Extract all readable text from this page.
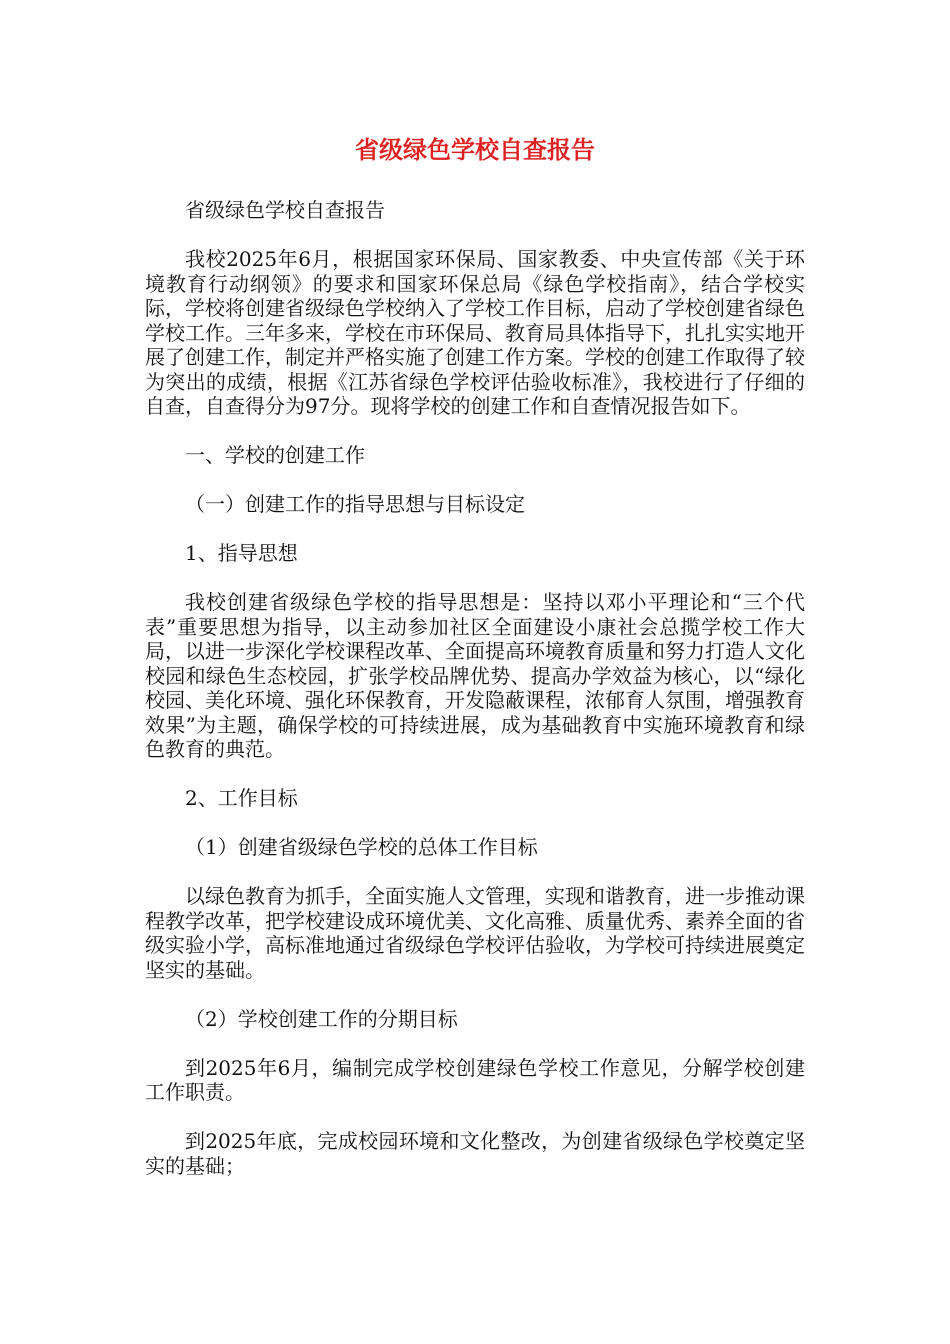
省级绿色学校自查报告

省级绿色学校自查报告

我校2025年6月，根据国家环保局、国家教委、中央宣传部《关于环境教育行动纲领》的要求和国家环保总局《绿色学校指南》，结合学校实际，学校将创建省级绿色学校纳入了学校工作目标，启动了学校创建省绿色学校工作。三年多来，学校在市环保局、教育局具体指导下，扎扎实实地开展了创建工作，制定并严格实施了创建工作方案。学校的创建工作取得了较为突出的成绩，根据《江苏省绿色学校评估验收标准》，我校进行了仔细的自查，自查得分为97分。现将学校的创建工作和自查情况报告如下。

一、学校的创建工作

（一）创建工作的指导思想与目标设定

1、指导思想

我校创建省级绿色学校的指导思想是：坚持以邓小平理论和“三个代表”重要思想为指导，以主动参加社区全面建设小康社会总揽学校工作大局，以进一步深化学校课程改革、全面提高环境教育质量和努力打造人文化校园和绿色生态校园，扩张学校品牌优势、提高办学效益为核心，以“绿化校园、美化环境、强化环保教育，开发隐蔽课程，浓郁育人氛围，增强教育效果”为主题，确保学校的可持续进展，成为基础教育中实施环境教育和绿色教育的典范。

2、工作目标

（1）创建省级绿色学校的总体工作目标

以绿色教育为抓手，全面实施人文管理，实现和谐教育，进一步推动课程教学改革，把学校建设成环境优美、文化高雅、质量优秀、素养全面的省级实验小学，高标准地通过省级绿色学校评估验收，为学校可持续进展奠定坚实的基础。

（2）学校创建工作的分期目标

到2025年6月，编制完成学校创建绿色学校工作意见，分解学校创建工作职责。

到2025年底，完成校园环境和文化整改，为创建省级绿色学校奠定坚实的基础；
